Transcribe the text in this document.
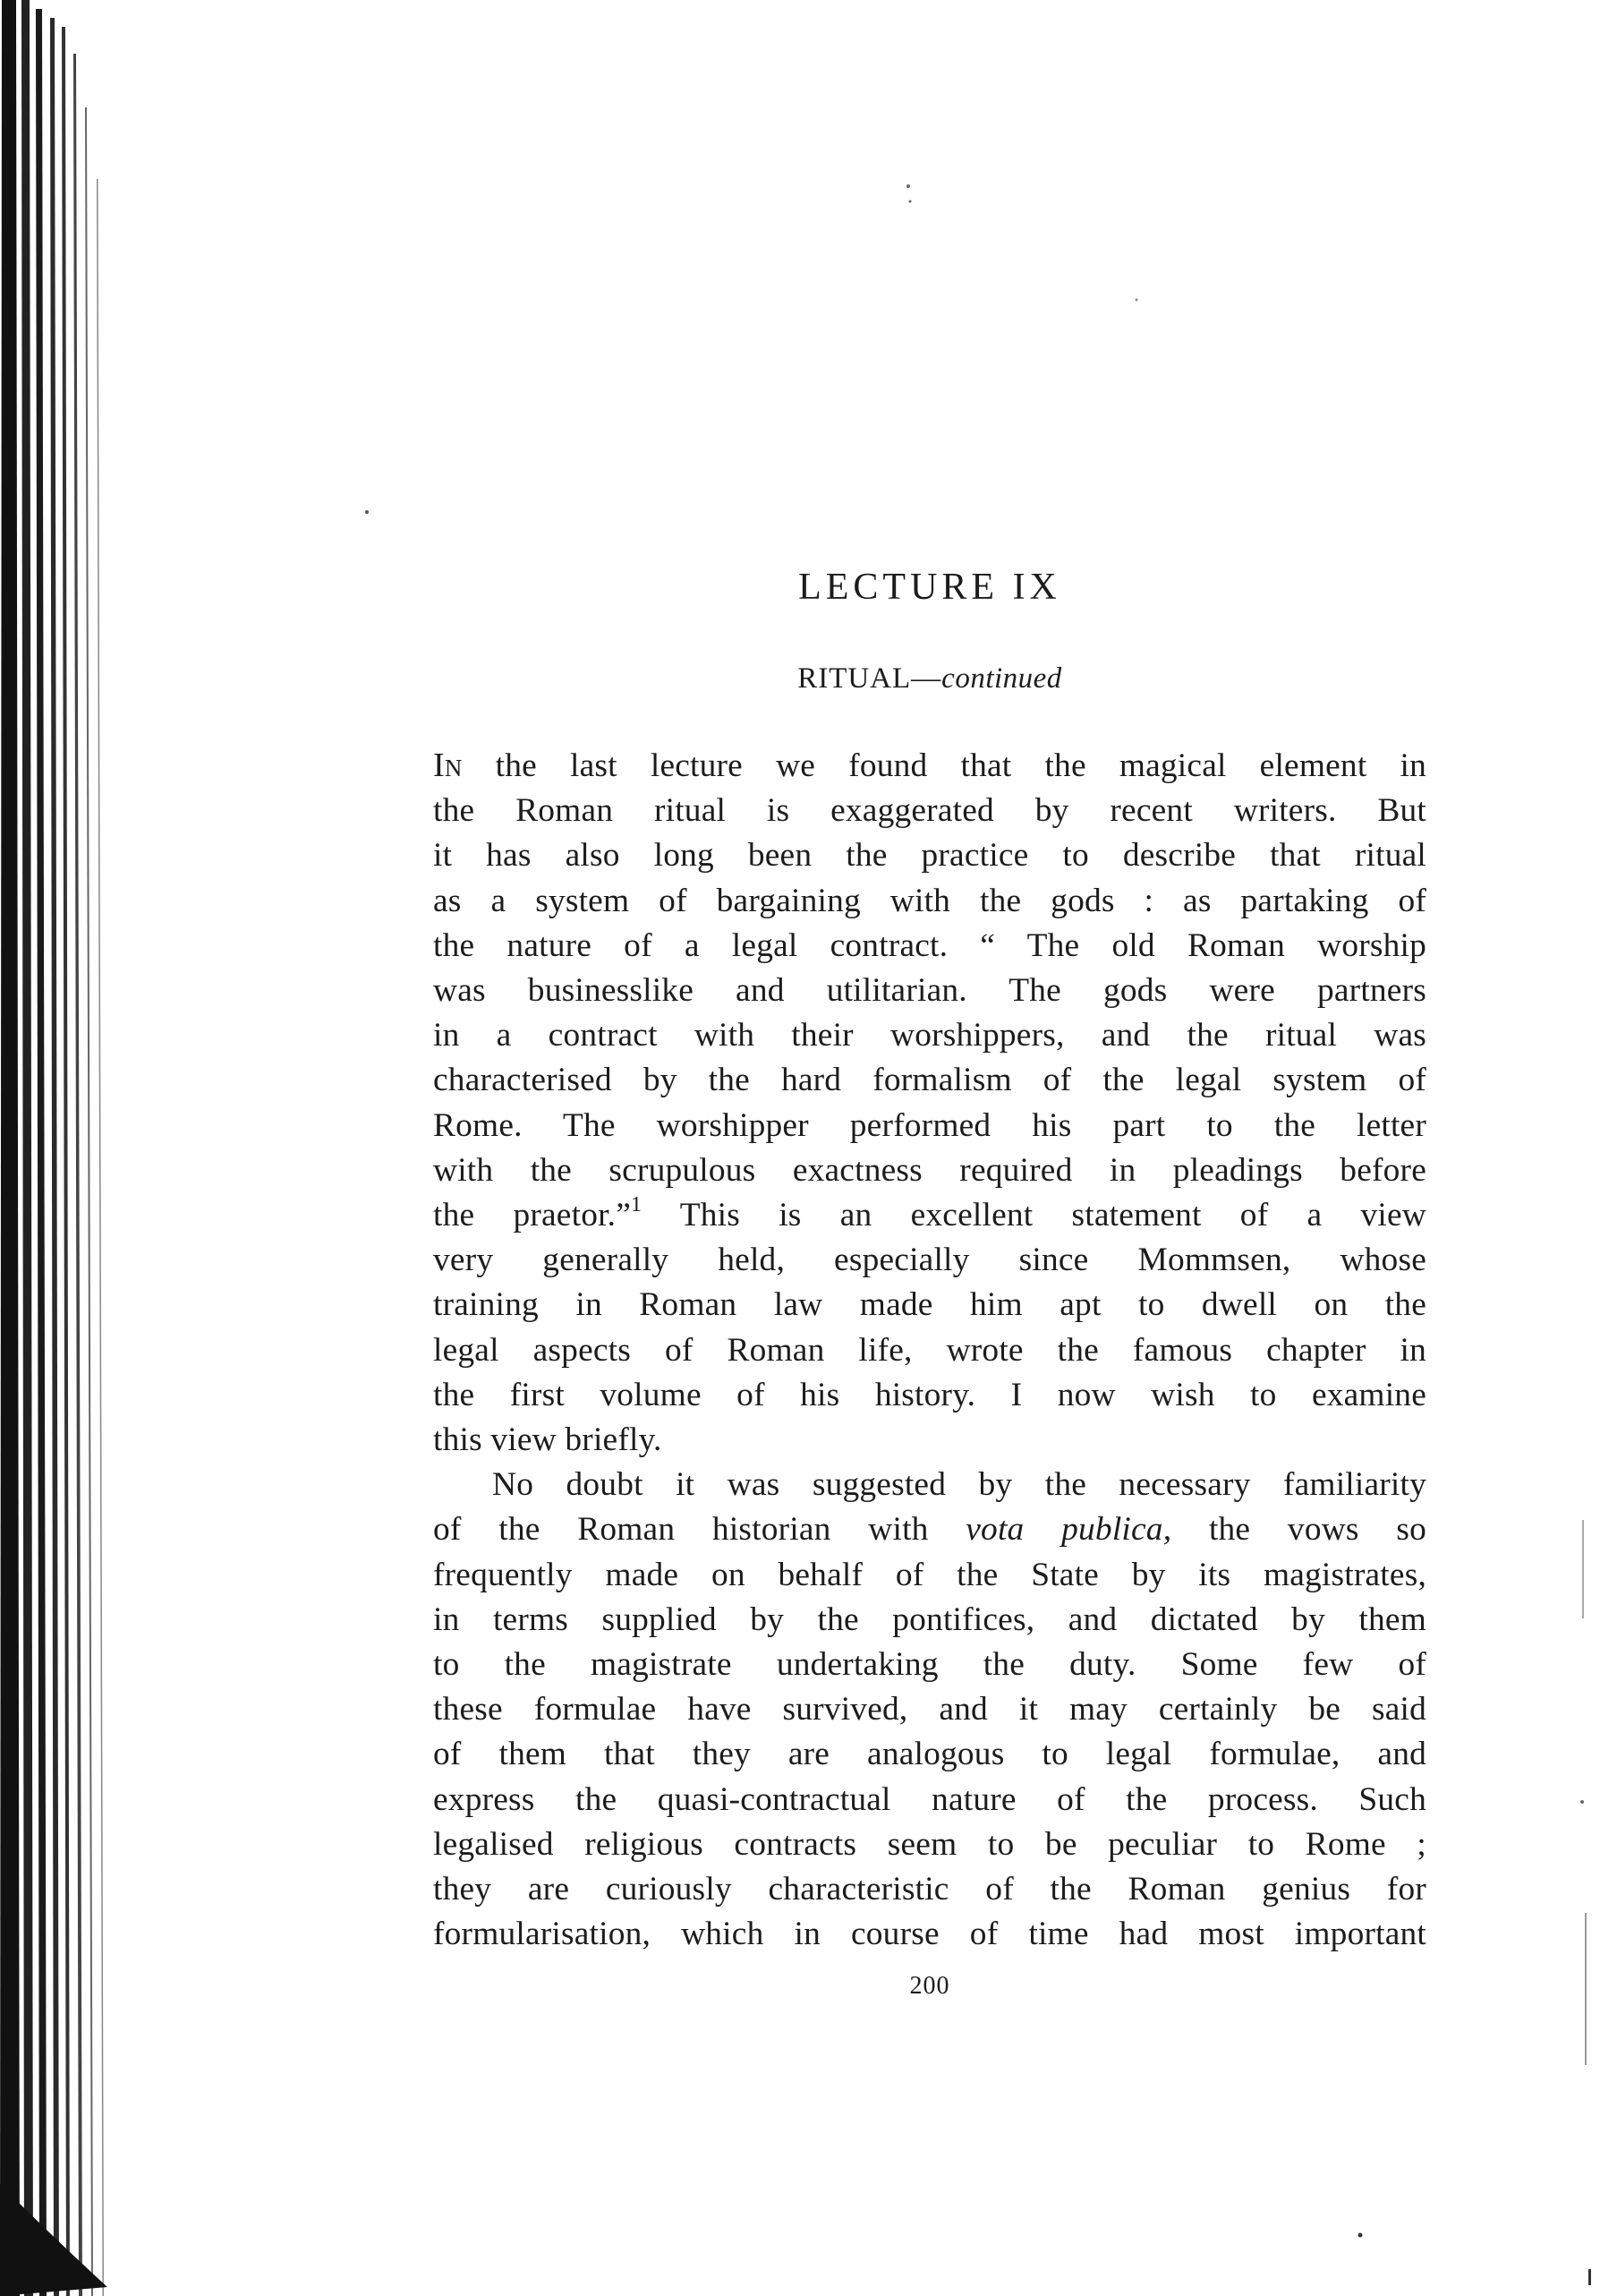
LECTURE IX
RITUAL—continued
In the last lecture we found that the magical element in
the Roman ritual is exaggerated by recent writers. But
it has also long been the practice to describe that ritual
as a system of bargaining with the gods : as partaking of
the nature of a legal contract. “ The old Roman worship
was businesslike and utilitarian. The gods were partners
in a contract with their worshippers, and the ritual was
characterised by the hard formalism of the legal system of
Rome. The worshipper performed his part to the letter
with the scrupulous exactness required in pleadings before
the praetor.”$^1$ This is an excellent statement of a view
very generally held, especially since Mommsen, whose
training in Roman law made him apt to dwell on the
legal aspects of Roman life, wrote the famous chapter in
the first volume of his history. I now wish to examine
this view briefly.
No doubt it was suggested by the necessary familiarity
of the Roman historian with vota publica, the vows so
frequently made on behalf of the State by its magistrates,
in terms supplied by the pontifices, and dictated by them
to the magistrate undertaking the duty. Some few of
these formulae have survived, and it may certainly be said
of them that they are analogous to legal formulae, and
express the quasi-contractual nature of the process. Such
legalised religious contracts seem to be peculiar to Rome ;
they are curiously characteristic of the Roman genius for
formularisation, which in course of time had most important
200
